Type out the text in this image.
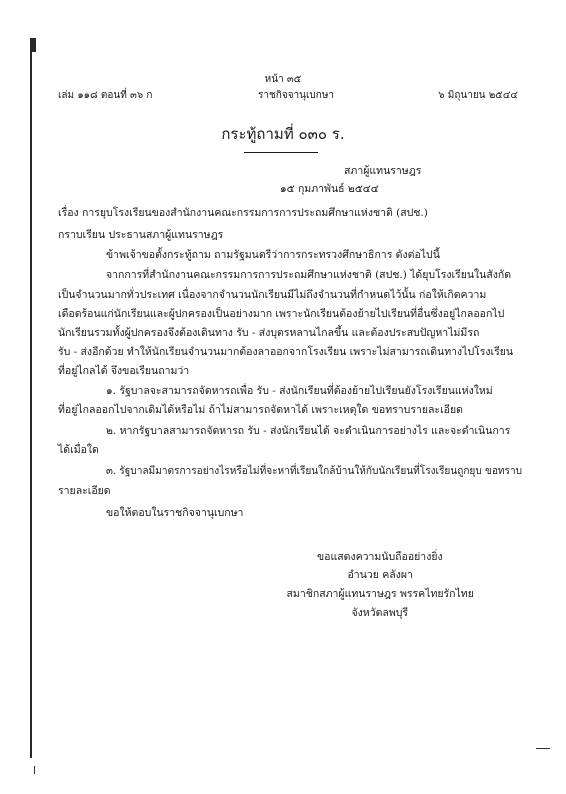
หน้า ๓๕
เล่ม ๑๑๘ ตอนที่ ๓๖ ก	ราชกิจจานุเบกษา	๖ มิถุนายน ๒๕๔๔
กระทู้ถามที่ ๐๓๐ ร.
สภาผู้แทนราษฎร
๑๕ กุมภาพันธ์ ๒๕๔๔
เรื่อง การยุบโรงเรียนของสำนักงานคณะกรรมการการประถมศึกษาแห่งชาติ (สปช.)
กราบเรียน ประธานสภาผู้แทนราษฎร
ข้าพเจ้าขอตั้งกระทู้ถาม ถามรัฐมนตรีว่าการกระทรวงศึกษาธิการ ดังต่อไปนี้
จากการที่สำนักงานคณะกรรมการการประถมศึกษาแห่งชาติ (สปช.) ได้ยุบโรงเรียนในสังกัด
เป็นจำนวนมากทั่วประเทศ เนื่องจากจำนวนนักเรียนมีไม่ถึงจำนวนที่กำหนดไว้นั้น ก่อให้เกิดความ
เดือดร้อนแก่นักเรียนและผู้ปกครองเป็นอย่างมาก เพราะนักเรียนต้องย้ายไปเรียนที่อื่นซึ่งอยู่ไกลออกไป
นักเรียนรวมทั้งผู้ปกครองจึงต้องเดินทาง รับ - ส่งบุตรหลานไกลขึ้น และต้องประสบปัญหาไม่มีรถ
รับ - ส่งอีกด้วย ทำให้นักเรียนจำนวนมากต้องลาออกจากโรงเรียน เพราะไม่สามารถเดินทางไปโรงเรียน
ที่อยู่ไกลได้ จึงขอเรียนถามว่า
๑. รัฐบาลจะสามารถจัดหารถเพื่อ รับ - ส่งนักเรียนที่ต้องย้ายไปเรียนยังโรงเรียนแห่งใหม่
ที่อยู่ไกลออกไปจากเดิมได้หรือไม่ ถ้าไม่สามารถจัดหาได้ เพราะเหตุใด ขอทราบรายละเอียด
๒. หากรัฐบาลสามารถจัดหารถ รับ - ส่งนักเรียนได้ จะดำเนินการอย่างไร และจะดำเนินการ
ได้เมื่อใด
๓. รัฐบาลมีมาตรการอย่างไรหรือไม่ที่จะหาที่เรียนใกล้บ้านให้กับนักเรียนที่โรงเรียนถูกยุบ ขอทราบ
รายละเอียด
ขอให้ตอบในราชกิจจานุเบกษา
ขอแสดงความนับถืออย่างยิ่ง
อำนวย คลังผา
สมาชิกสภาผู้แทนราษฎร พรรคไทยรักไทย
จังหวัดลพบุรี
